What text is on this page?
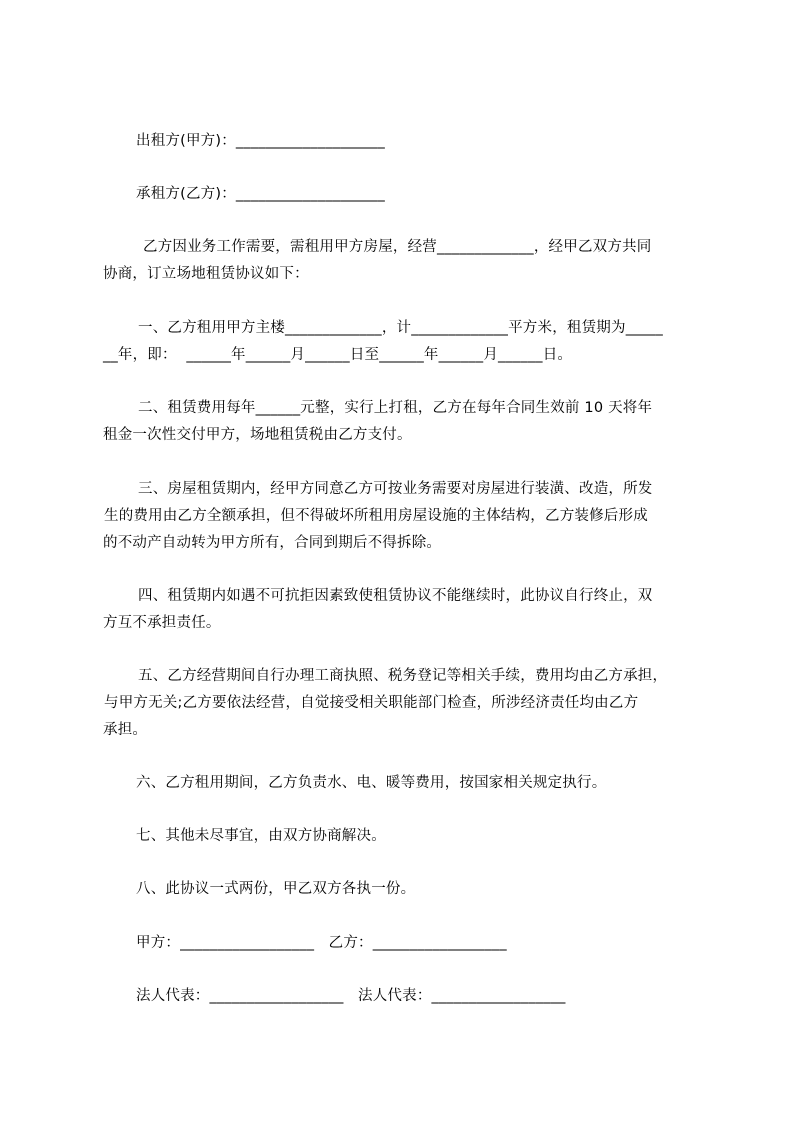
出租方(甲方)：____________________
承租方(乙方)：____________________
乙方因业务工作需要，需租用甲方房屋，经营_____________，经甲乙双方共同
协商，订立场地租赁协议如下：
一、乙方租用甲方主楼_____________，计_____________平方米，租赁期为_____
__年，即：  ______年______月______日至______年______月______日。
二、租赁费用每年______元整，实行上打租，乙方在每年合同生效前 10 天将年
租金一次性交付甲方，场地租赁税由乙方支付。
三、房屋租赁期内，经甲方同意乙方可按业务需要对房屋进行装潢、改造，所发
生的费用由乙方全额承担，但不得破坏所租用房屋设施的主体结构，乙方装修后形成
的不动产自动转为甲方所有，合同到期后不得拆除。
四、租赁期内如遇不可抗拒因素致使租赁协议不能继续时，此协议自行终止，双
方互不承担责任。
五、乙方经营期间自行办理工商执照、税务登记等相关手续，费用均由乙方承担，
与甲方无关;乙方要依法经营，自觉接受相关职能部门检查，所涉经济责任均由乙方
承担。
六、乙方租用期间，乙方负责水、电、暖等费用，按国家相关规定执行。
七、其他未尽事宜，由双方协商解决。
八、此协议一式两份，甲乙双方各执一份。
甲方：__________________   乙方：__________________
法人代表：__________________   法人代表：__________________
